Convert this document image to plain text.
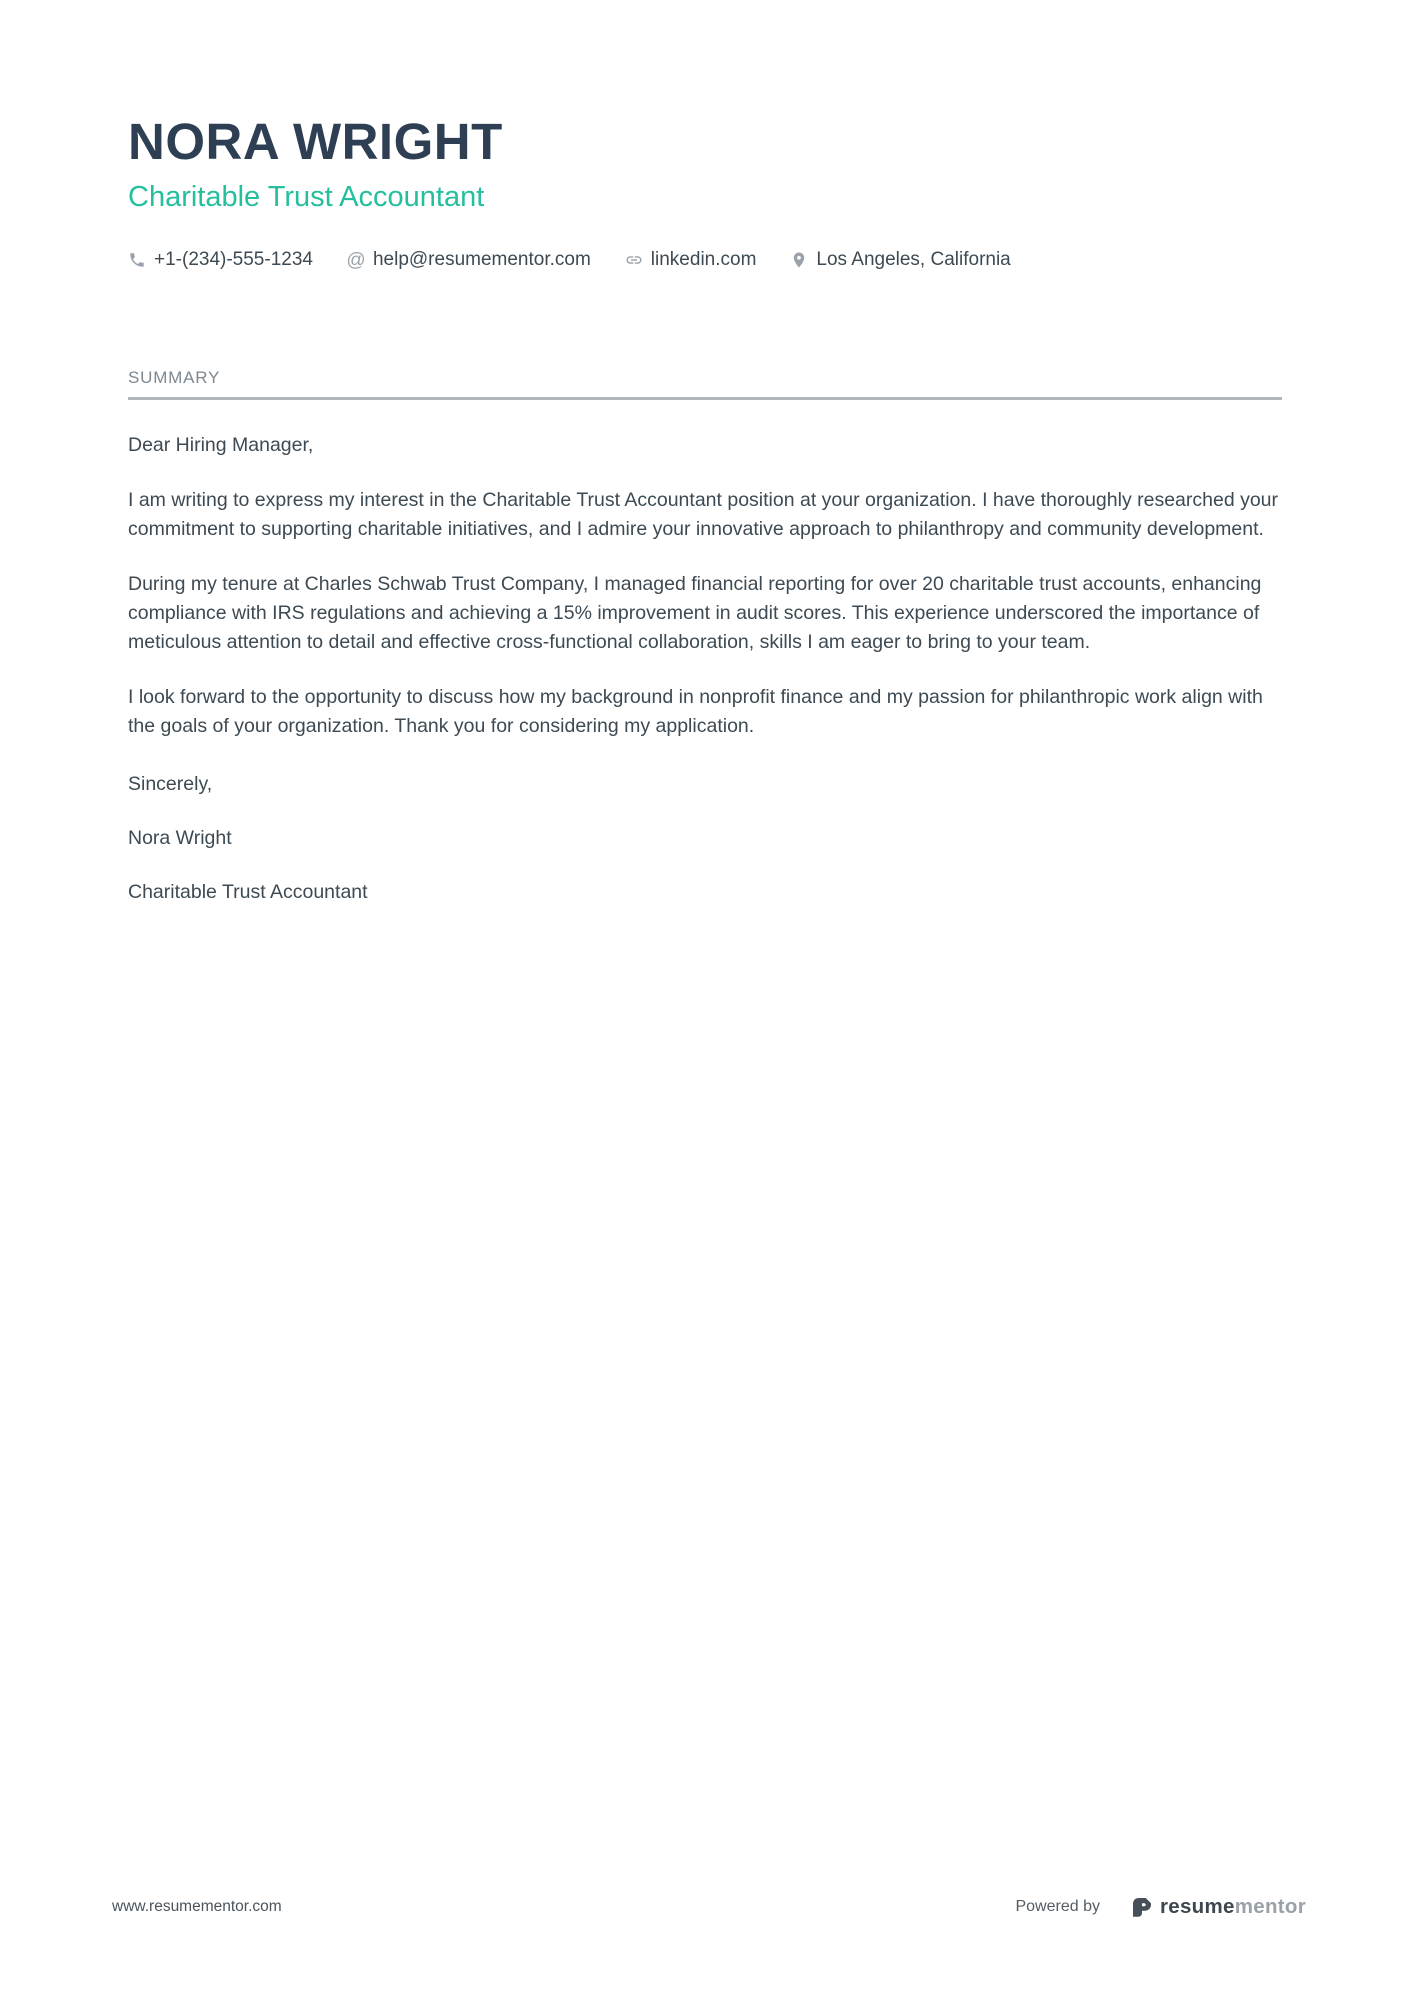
NORA WRIGHT
Charitable Trust Accountant
+1-(234)-555-1234 @ help@resumementor.com	linkedin.com	Los Angeles, California
SUMMARY

Dear Hiring Manager,

I am writing to express my interest in the Charitable Trust Accountant position at your organization. I have thoroughly researched your commitment to supporting charitable initiatives, and I admire your innovative approach to philanthropy and community development.

During my tenure at Charles Schwab Trust Company, I managed financial reporting for over 20 charitable trust accounts, enhancing compliance with IRS regulations and achieving a 15% improvement in audit scores. This experience underscored the importance of meticulous attention to detail and effective cross-functional collaboration, skills I am eager to bring to your team.

I look forward to the opportunity to discuss how my background in nonprofit finance and my passion for philanthropic work align with the goals of your organization. Thank you for considering my application.

Sincerely,

Nora Wright

Charitable Trust Accountant

www.resumementor.com	Powered by	resumementor
